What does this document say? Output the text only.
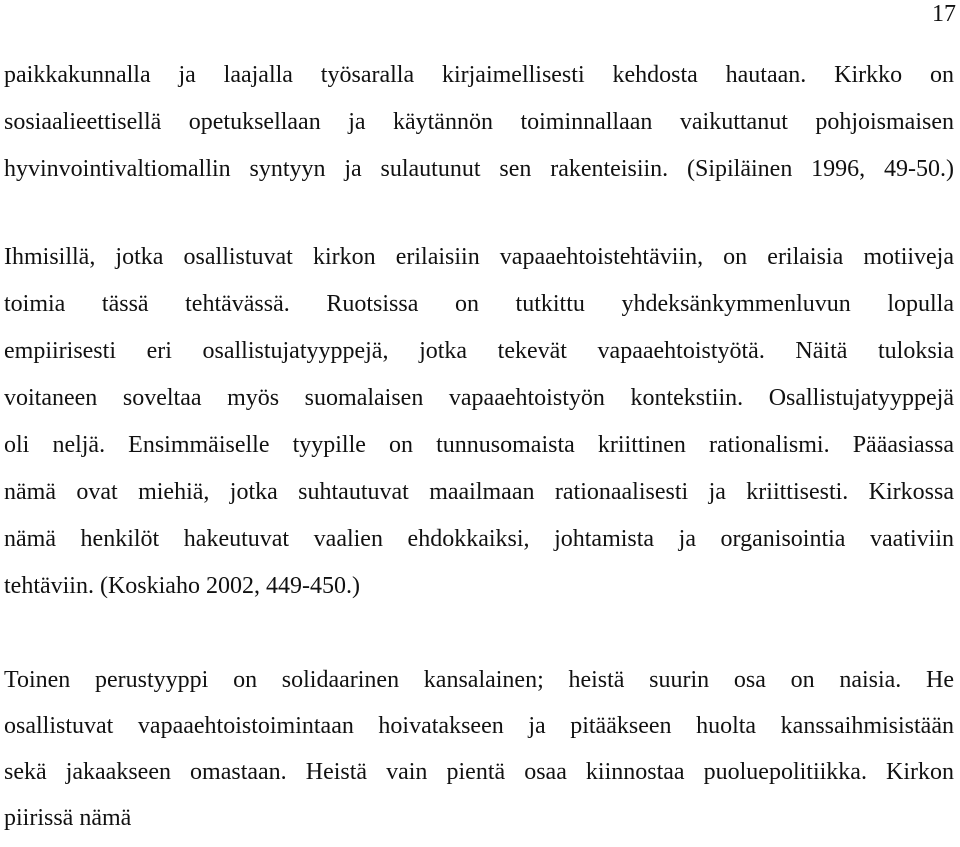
17
paikkakunnalla ja laajalla työsaralla kirjaimellisesti kehdosta hautaan. Kirkko on
sosiaalieettisellä opetuksellaan ja käytännön toiminnallaan vaikuttanut pohjoismaisen
hyvinvointivaltiomallin syntyyn ja sulautunut sen rakenteisiin. (Sipiläinen 1996, 49-50.)
Ihmisillä, jotka osallistuvat kirkon erilaisiin vapaaehtoistehtäviin, on erilaisia motiiveja
toimia tässä tehtävässä. Ruotsissa on tutkittu yhdeksänkymmenluvun lopulla
empiirisesti eri osallistujatyyppejä, jotka tekevät vapaaehtoistyötä. Näitä tuloksia
voitaneen soveltaa myös suomalaisen vapaaehtoistyön kontekstiin. Osallistujatyyppejä
oli neljä. Ensimmäiselle tyypille on tunnusomaista kriittinen rationalismi. Pääasiassa
nämä ovat miehiä, jotka suhtautuvat maailmaan rationaalisesti ja kriittisesti. Kirkossa
nämä henkilöt hakeutuvat vaalien ehdokkaiksi, johtamista ja organisointia vaativiin
tehtäviin. (Koskiaho 2002, 449-450.)
Toinen perustyyppi on solidaarinen kansalainen; heistä suurin osa on naisia. He
osallistuvat vapaaehtoistoimintaan hoivatakseen ja pitääkseen huolta kanssaihmisistään
sekä jakaakseen omastaan. Heistä vain pientä osaa kiinnostaa puoluepolitiikka. Kirkon
piirissä nämä
